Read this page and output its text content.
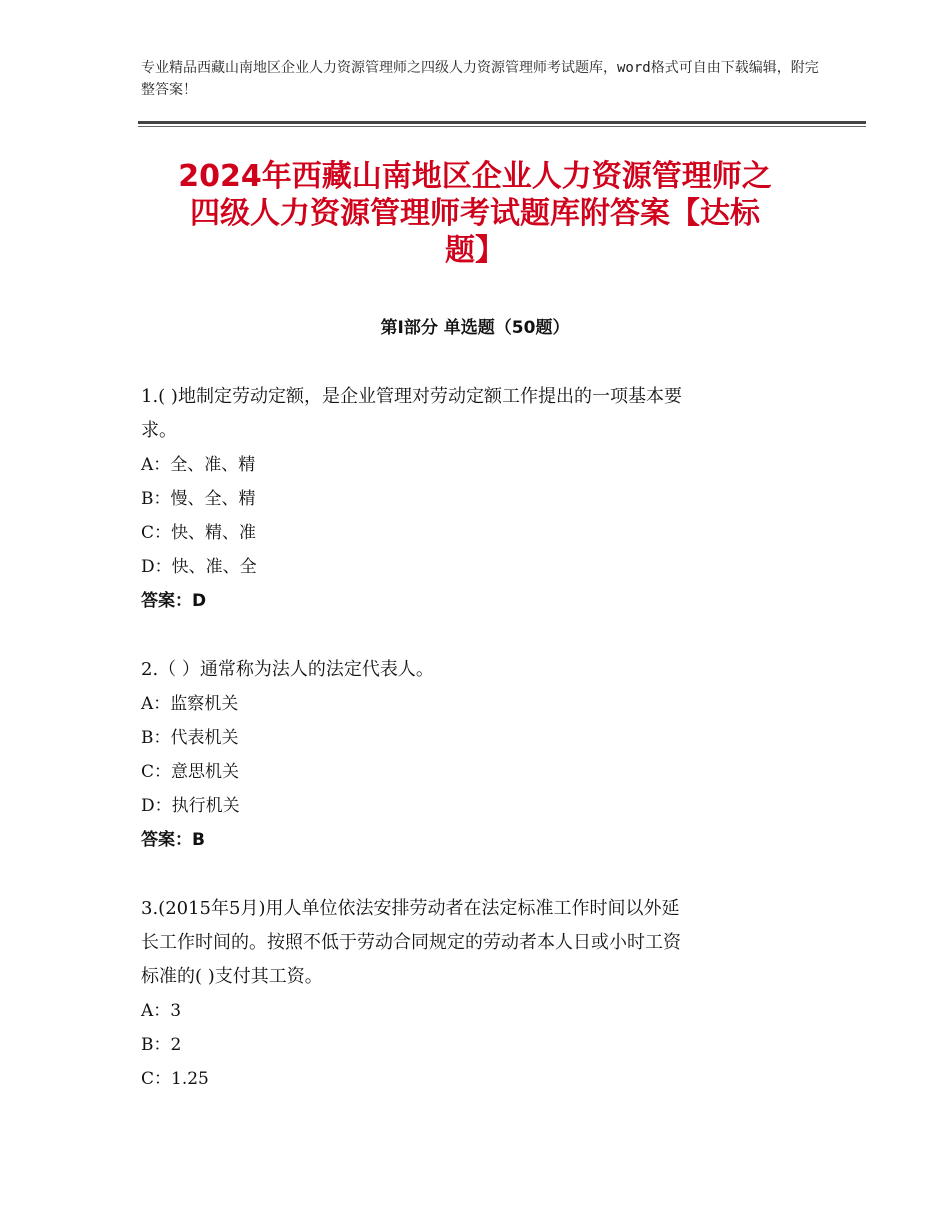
专业精品西藏山南地区企业人力资源管理师之四级人力资源管理师考试题库，word格式可自由下载编辑，附完整答案！
2024年西藏山南地区企业人力资源管理师之
四级人力资源管理师考试题库附答案【达标
题】
第Ⅰ部分 单选题（50题）

1.( )地制定劳动定额，是企业管理对劳动定额工作提出的一项基本要

求。

A：全、准、精

B：慢、全、精

C：快、精、准

D：快、准、全

答案：D

2.（ ）通常称为法人的法定代表人。

A：监察机关

B：代表机关

C：意思机关

D：执行机关

答案：B

3.(2015年5月)用人单位依法安排劳动者在法定标准工作时间以外延

长工作时间的。按照不低于劳动合同规定的劳动者本人日或小时工资

标准的( )支付其工资。

A：3

B：2

C：1.25
